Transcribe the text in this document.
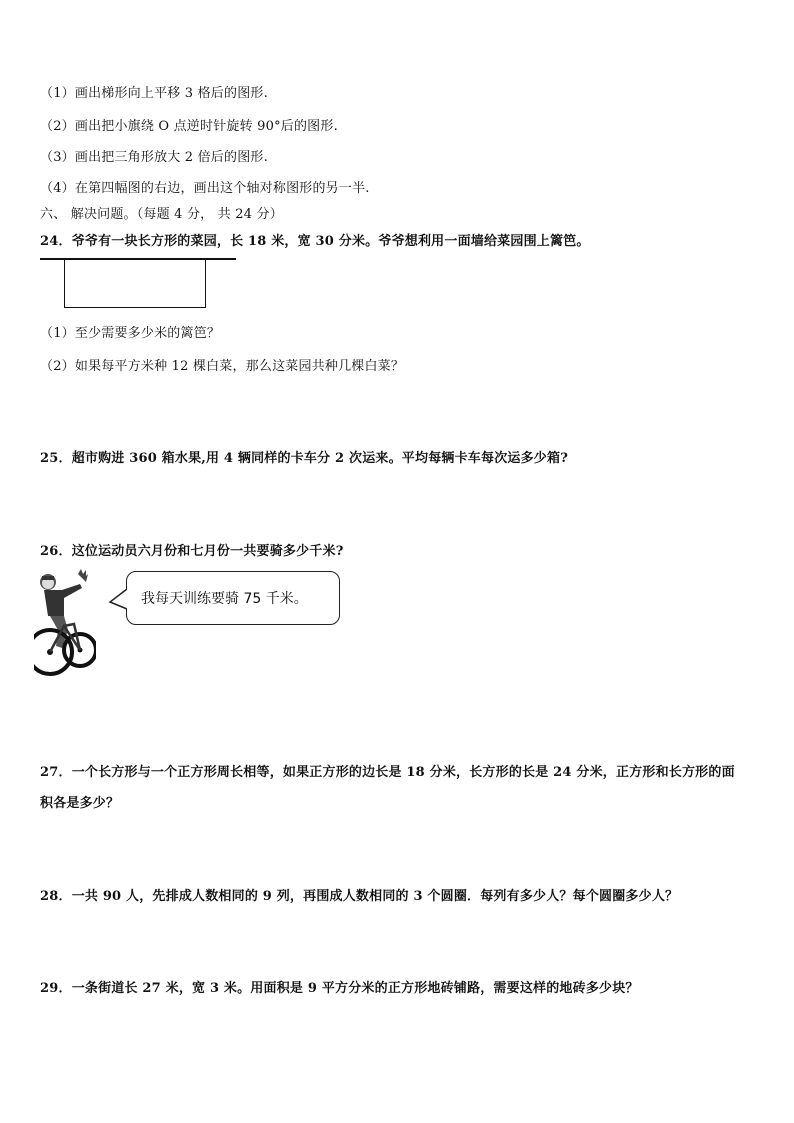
（1）画出梯形向上平移 3 格后的图形.
（2）画出把小旗绕 O 点逆时针旋转 90°后的图形.
（3）画出把三角形放大 2 倍后的图形.
（4）在第四幅图的右边，画出这个轴对称图形的另一半.
六、 解决问题。（每题 4 分， 共 24 分）
24．爷爷有一块长方形的菜园，长 18 米，宽 30 分米。爷爷想利用一面墙给菜园围上篱笆。
（1）至少需要多少米的篱笆？
（2）如果每平方米种 12 棵白菜，那么这菜园共种几棵白菜？
25．超市购进 360 箱水果,用 4 辆同样的卡车分 2 次运来。平均每辆卡车每次运多少箱?
26．这位运动员六月份和七月份一共要骑多少千米?
我每天训练要骑 75 千米。
27．一个长方形与一个正方形周长相等，如果正方形的边长是 18 分米，长方形的长是 24 分米，正方形和长方形的面
积各是多少？
28．一共 90 人，先排成人数相同的 9 列，再围成人数相同的 3 个圆圈．每列有多少人？每个圆圈多少人？
29．一条街道长 27 米，宽 3 米。用面积是 9 平方分米的正方形地砖铺路，需要这样的地砖多少块？
